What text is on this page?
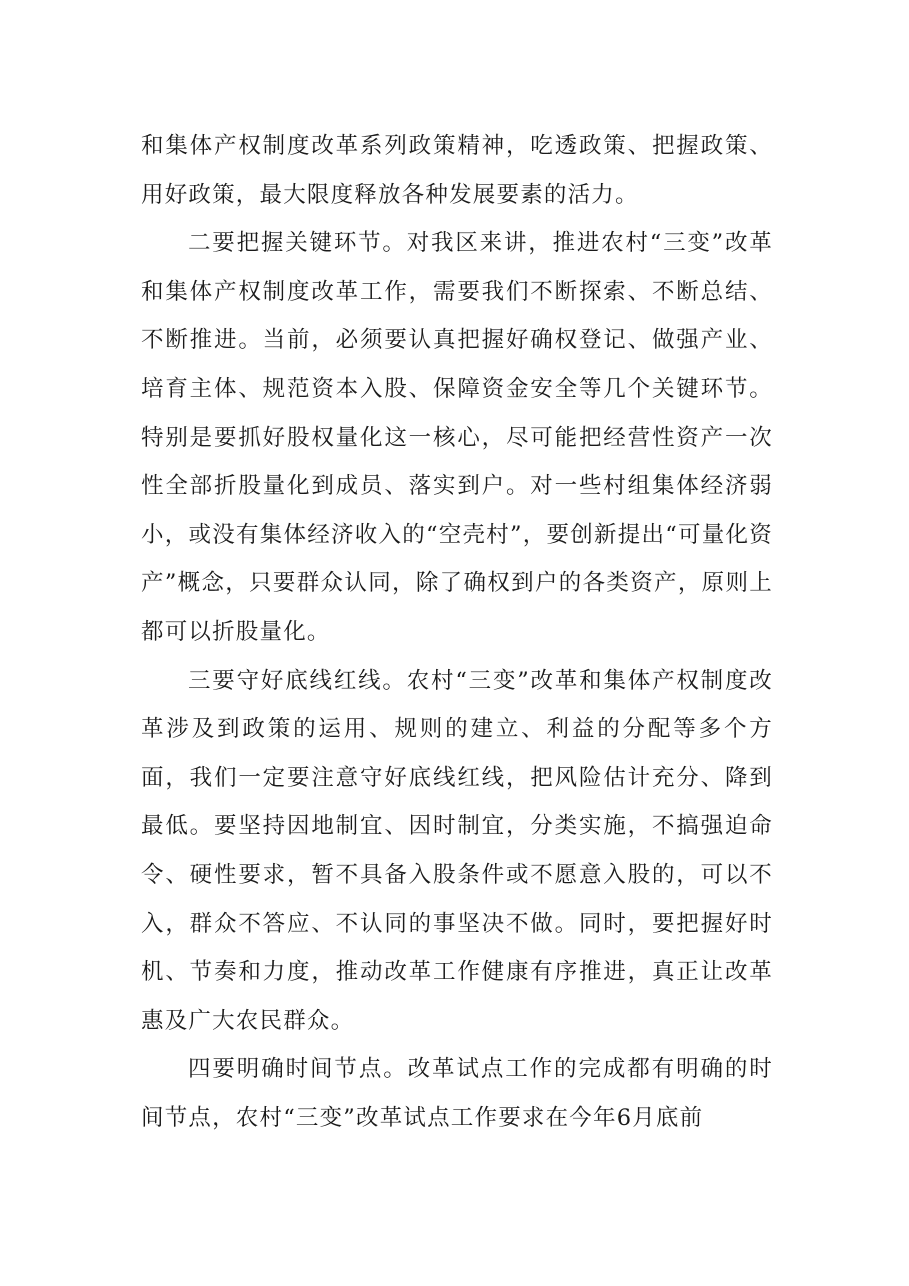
和集体产权制度改革系列政策精神，吃透政策、把握政策、用好政策，最大限度释放各种发展要素的活力。

二要把握关键环节。对我区来讲，推进农村“三变”改革和集体产权制度改革工作，需要我们不断探索、不断总结、不断推进。当前，必须要认真把握好确权登记、做强产业、培育主体、规范资本入股、保障资金安全等几个关键环节。特别是要抓好股权量化这一核心，尽可能把经营性资产一次性全部折股量化到成员、落实到户。对一些村组集体经济弱小，或没有集体经济收入的“空壳村”，要创新提出“可量化资产”概念，只要群众认同，除了确权到户的各类资产，原则上都可以折股量化。

三要守好底线红线。农村“三变”改革和集体产权制度改革涉及到政策的运用、规则的建立、利益的分配等多个方面，我们一定要注意守好底线红线，把风险估计充分、降到最低。要坚持因地制宜、因时制宜，分类实施，不搞强迫命令、硬性要求，暂不具备入股条件或不愿意入股的，可以不入，群众不答应、不认同的事坚决不做。同时，要把握好时机、节奏和力度，推动改革工作健康有序推进，真正让改革惠及广大农民群众。

四要明确时间节点。改革试点工作的完成都有明确的时间节点，农村“三变”改革试点工作要求在今年6月底前
